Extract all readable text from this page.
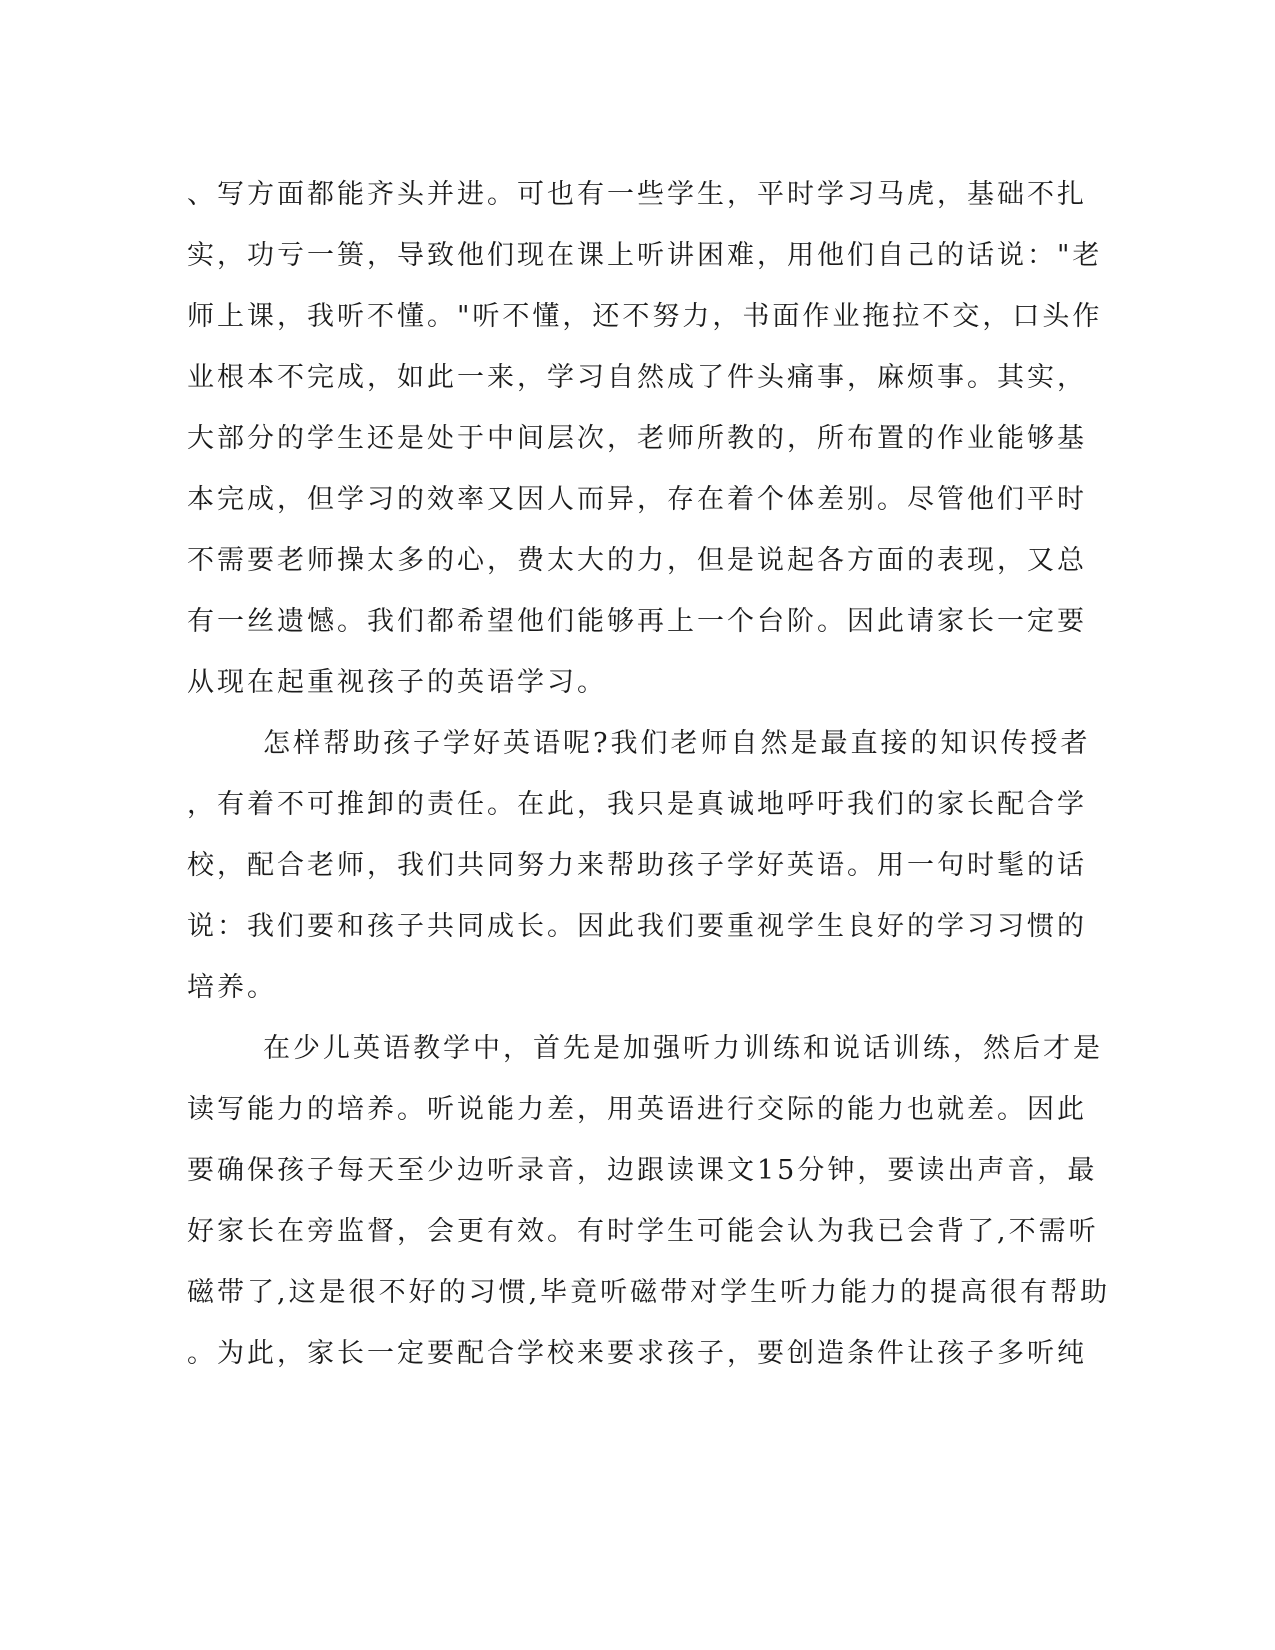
、写方面都能齐头并进。可也有一些学生，平时学习马虎，基础不扎
实，功亏一篑，导致他们现在课上听讲困难，用他们自己的话说："老
师上课，我听不懂。"听不懂，还不努力，书面作业拖拉不交，口头作
业根本不完成，如此一来，学习自然成了件头痛事，麻烦事。其实，
大部分的学生还是处于中间层次，老师所教的，所布置的作业能够基
本完成，但学习的效率又因人而异，存在着个体差别。尽管他们平时
不需要老师操太多的心，费太大的力，但是说起各方面的表现，又总
有一丝遗憾。我们都希望他们能够再上一个台阶。因此请家长一定要
从现在起重视孩子的英语学习。
怎样帮助孩子学好英语呢?我们老师自然是最直接的知识传授者
，有着不可推卸的责任。在此，我只是真诚地呼吁我们的家长配合学
校，配合老师，我们共同努力来帮助孩子学好英语。用一句时髦的话
说：我们要和孩子共同成长。因此我们要重视学生良好的学习习惯的
培养。
在少儿英语教学中，首先是加强听力训练和说话训练，然后才是
读写能力的培养。听说能力差，用英语进行交际的能力也就差。因此
要确保孩子每天至少边听录音，边跟读课文15分钟，要读出声音，最
好家长在旁监督，会更有效。有时学生可能会认为我已会背了,不需听
磁带了,这是很不好的习惯,毕竟听磁带对学生听力能力的提高很有帮助
。为此，家长一定要配合学校来要求孩子，要创造条件让孩子多听纯
